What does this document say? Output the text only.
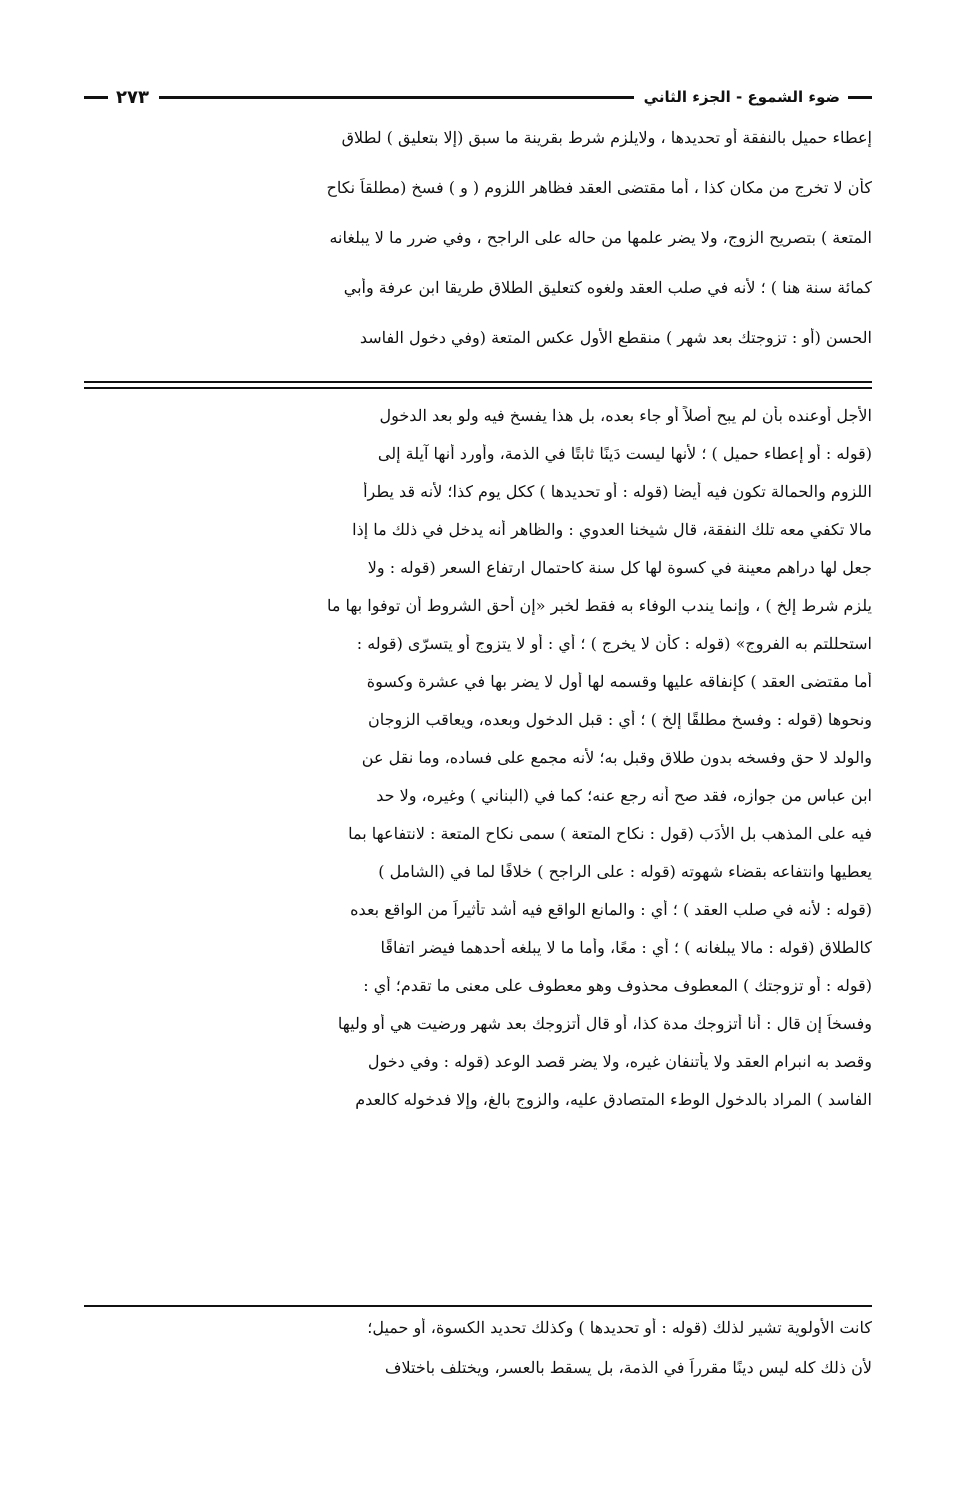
ضوء الشموع - الجزء الثاني
٢٧٣
إعطاء حميل بالنفقة أو تحديدها ، ولايلزم شرط بقرينة ما سبق (إلا بتعليق ) لطلاق
كأن لا تخرج من مكان كذا ، أما مقتضى العقد فظاهر اللزوم ( و ) فسخ (مطلقاً نكاح
المتعة ) بتصريح الزوج، ولا يضر علمها من حاله على الراجح ، وفي ضرر ما لا يبلغانه
كمائة سنة هنا ) ؛ لأنه في صلب العقد ولغوه كتعليق الطلاق طريقا ابن عرفة وأبي
الحسن (أو : تزوجتك بعد شهر ) منقطع الأول عكس المتعة (وفي دخول الفاسد
الأجل أوعنده بأن لم يبح أصلاً أو جاء بعده، بل هذا يفسخ فيه ولو بعد الدخول
(قوله : أو إعطاء حميل ) ؛ لأنها ليست دَينًا ثابتًا في الذمة، وأورد أنها آيلة إلى
اللزوم والحمالة تكون فيه أيضا (قوله : أو تحديدها ) ككل يوم كذا؛ لأنه قد يطرأ
مالا تكفي معه تلك النفقة، قال شيخنا العدوي : والظاهر أنه يدخل في ذلك ما إذا
جعل لها دراهم معينة في كسوة لها كل سنة كاحتمال ارتفاع السعر (قوله : ولا
يلزم شرط إلخ ) ، وإنما يندب الوفاء به فقط لخبر «إن أحق الشروط أن توفوا بها ما
استحللتم به الفروج» (قوله : كأن لا يخرج ) ؛ أي : أو لا يتزوج أو يتسرّى (قوله :
أما مقتضى العقد ) كإنفاقه عليها وقسمه لها أول لا يضر بها في عشرة وكسوة
ونحوها (قوله : وفسخ مطلقًا إلخ ) ؛ أي : قبل الدخول وبعده، ويعاقب الزوجان
والولد لا حق وفسخه بدون طلاق وقبل به؛ لأنه مجمع على فساده، وما نقل عن
ابن عباس من جوازه، فقد صح أنه رجع عنه؛ كما في (البناني ) وغيره، ولا حد
فيه على المذهب بل الأدَب (قول : نكاح المتعة ) سمى نكاح المتعة : لانتفاعها بما
يعطيها وانتفاعه بقضاء شهوته (قوله : على الراجح ) خلافًا لما في (الشامل )
(قوله : لأنه في صلب العقد ) ؛ أي : والمانع الواقع فيه أشد تأثيراً من الواقع بعده
كالطلاق (قوله : مالا يبلغانه ) ؛ أي : معًا، وأما ما لا يبلغه أحدهما فيضر اتفاقًا
(قوله : أو تزوجتك ) المعطوف محذوف وهو معطوف على معنى ما تقدم؛ أي :
وفسخاً إن قال : أنا أتزوجك مدة كذا، أو قال أتزوجك بعد شهر ورضيت هي أو وليها
وقصد به انبرام العقد ولا يأتنفان غيره، ولا يضر قصد الوعد (قوله : وفي دخول
الفاسد ) المراد بالدخول الوطء المتصادق عليه، والزوج بالغ، وإلا فدخوله كالعدم
كانت الأولوية تشير لذلك (قوله : أو تحديدها ) وكذلك تحديد الكسوة، أو حميل؛
لأن ذلك كله ليس دينًا مقرراً في الذمة، بل يسقط بالعسر، ويختلف باختلاف
